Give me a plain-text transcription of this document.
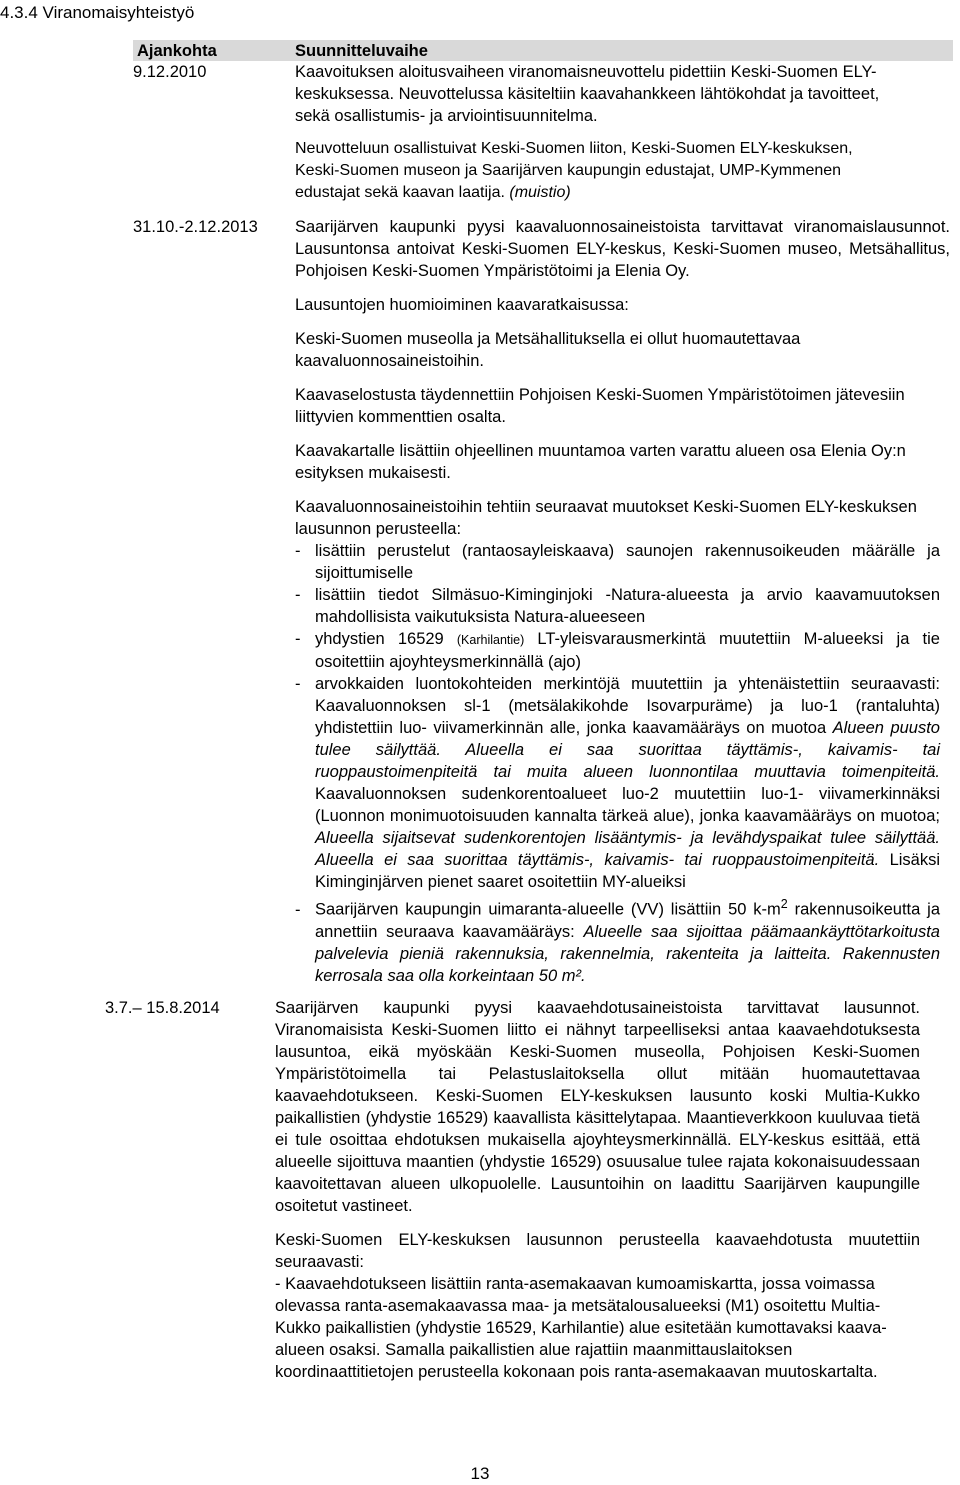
4.3.4 Viranomaisyhteistyö
Ajankohta	Suunnitteluvaihe
9.12.2010	Kaavoituksen aloitusvaiheen viranomaisneuvottelu pidettiin Keski-Suomen ELY-keskuksessa. Neuvottelussa käsiteltiin kaavahankkeen lähtökohdat ja tavoitteet, sekä osallistumis- ja arviointisuunnitelma.

Neuvotteluun osallistuivat Keski-Suomen liiton, Keski-Suomen ELY-keskuksen, Keski-Suomen museon ja Saarijärven kaupungin edustajat, UMP-Kymmenen edustajat sekä kaavan laatija. (muistio)

31.10.-2.12.2013 Saarijärven kaupunki pyysi kaavaluonnosaineistoista tarvittavat viranomaislausunnot. Lausuntonsa antoivat Keski-Suomen ELY-keskus, Keski-Suomen museo, Metsähallitus, Pohjoisen Keski-Suomen Ympäristötoimi ja Elenia Oy.

Lausuntojen huomioiminen kaavaratkaisussa:

Keski-Suomen museolla ja Metsähallituksella ei ollut huomautettavaa kaavaluonnosaineistoihin.

Kaavaselostusta täydennettiin Pohjoisen Keski-Suomen Ympäristötoimen jätevesiin liittyvien kommenttien osalta.

Kaavakartalle lisättiin ohjeellinen muuntamoa varten varattu alueen osa Elenia Oy:n esityksen mukaisesti.

Kaavaluonnosaineistoihin tehtiin seuraavat muutokset Keski-Suomen ELY-keskuksen lausunnon perusteella:

- lisättiin perustelut (rantaosayleiskaava) saunojen rakennusoikeuden määrälle ja sijoittumiselle
- lisättiin tiedot Silmäsuo-Kiminginjoki -Natura-alueesta ja arvio kaavamuutoksen mahdollisista vaikutuksista Natura-alueeseen
- yhdystien 16529 (Karhilantie) LT-yleisvarausmerkintä muutettiin M-alueeksi ja tie osoitettiin ajoyhteysmerkinnällä (ajo)
- arvokkaiden luontokohteiden merkintöjä muutettiin ja yhtenäistettiin seuraavasti: Kaavaluonnoksen sl-1 (metsälakikohde Isovarpurämе) ja luo-1 (rantaluhta) yhdistettiin luo- viivamerkinnän alle, jonka kaavamääräys on muotoa Alueen puusto tulee säilyttää. Alueella ei saa suorittaa täyttämis-, kaivamis- tai ruoppaustoimenpiteitä tai muita alueen luonnontilaa muuttavia toimenpiteitä. Kaavaluonnoksen sudenkorentoalueet luo-2 muutettiin luo-1- viivamerkinnäksi (Luonnon monimuotoisuuden kannalta tärkeä alue), jonka kaavamääräys on muotoa; Alueella sijaitsevat sudenkorentojen lisääntymis- ja levähdyspaikat tulee säilyttää. Alueella ei saa suorittaa täyttämis-, kaivamis- tai ruoppaustoimenpiteitä. Lisäksi Kiminginjärven pienet saaret osoitettiin MY-alueiksi
- Saarijärven kaupungin uimaranta-alueelle (VV) lisättiin 50 $k-m^2$ rakennusoikeutta ja annettiin seuraava kaavamääräys: Alueelle saa sijoittaa päämaankäyttötarkoitusta palvelevia pieniä rakennuksia, rakennelmia, rakenteita ja laitteita. Rakennusten kerrosala saa olla korkeintaan 50 m².
3.7.– 15.8.2014	Saarijärven kaupunki pyysi kaavaehdotusaineistoista tarvittavat lausunnot. Viranomaisista Keski-Suomen liitto ei nähnyt tarpeelliseksi antaa kaavaehdotuksesta lausuntoa, eikä myöskään Keski-Suomen museolla, Pohjoisen Keski-Suomen Ympäristötoimella tai Pelastuslaitoksella ollut mitään huomautettavaa kaavaehdotukseen. Keski-Suomen ELY-keskuksen lausunto koski Multia-Kukko paikallistien (yhdystie 16529) kaavallista käsittelytapaa. Maantieverkkoon kuuluvaa tietä ei tule osoittaa ehdotuksen mukaisella ajoyhteysmerkinnällä. ELY-keskus esittää, että alueelle sijoittuva maantien (yhdystie 16529) osuusalue tulee rajata kokonaisuudessaan kaavoitettavan alueen ulkopuolelle. Lausuntoihin on laadittu Saarijärven kaupungille osoitetut vastineet.

Keski-Suomen ELY-keskuksen lausunnon perusteella kaavaehdotusta muutettiin seuraavasti:

- Kaavaehdotukseen lisättiin ranta-asemakaavan kumoamiskartta, jossa voimassa olevassa ranta-asemakaavassa maa- ja metsätalousalueeksi (M1) osoitettu Multia-Kukko paikallistien (yhdystie 16529, Karhilantie) alue esitetään kumottavaksi kaava-alueen osaksi. Samalla paikallistien alue rajattiin maanmittauslaitoksen koordinaattitietojen perusteella kokonaan pois ranta-asemakaavan muutoskartalta.

13
